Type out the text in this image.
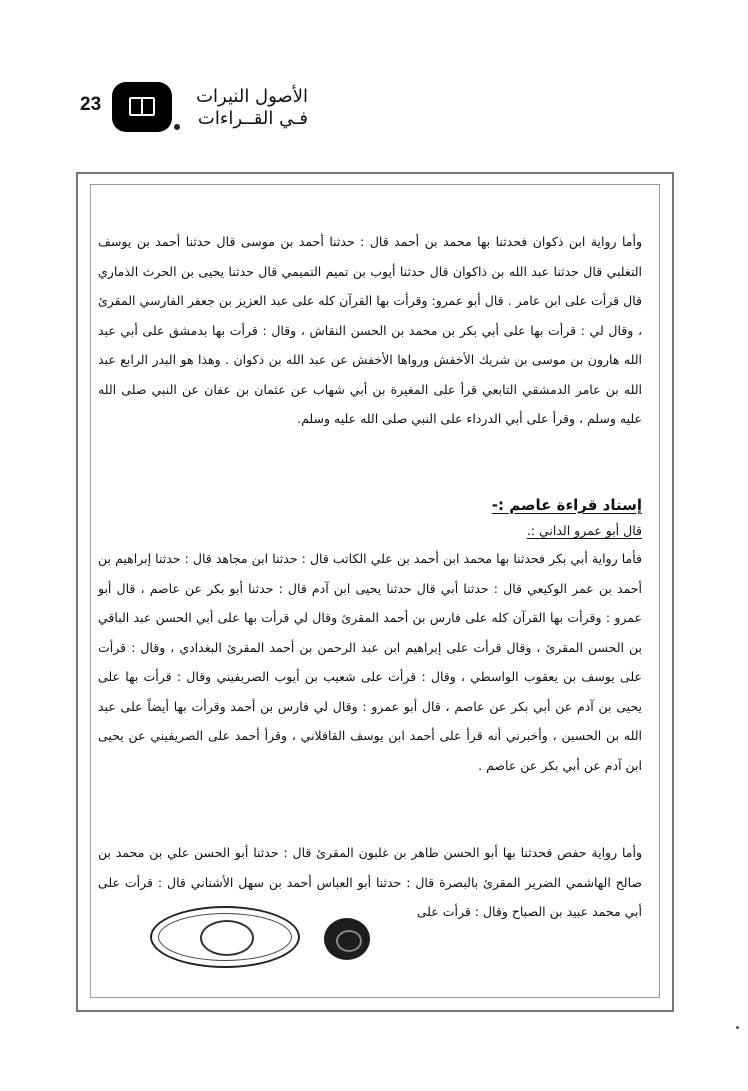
23	الأصول النيرات
فـي القــراءات

وأما رواية ابن ذكوان فحدثنا بها محمد بن أحمد قال : حدثنا أحمد بن موسى قال حدثنا أحمد بن يوسف التغلبي قال حدثنا عبد الله بن ذاكوان قال حدثنا أيوب بن تميم التميمي قال حدثنا يحيى بن الحرث الذماري قال قرأت على ابن عامر . قال أبو عمرو: وقرأت بها القرآن كله على عبد العزيز بن جعفر الفارسي المقرئ ، وقال لي : قرأت بها على أبي بكر بن محمد بن الحسن النقاش ، وقال : قرأت بها بدمشق على أبي عبد الله هارون بن موسى بن شريك الأخفش ورواها الأخفش عن عبد الله بن ذكوان . وهذا هو البدر الرابع عبد الله بن عامر الدمشقي التابعي قرأ على المغيرة بن أبي شهاب عن عثمان بن عفان عن النبي صلى الله عليه وسلم ، وقرأ على أبي الدرداء على النبي صلى الله عليه وسلم.

إسناد قراءة عاصم :-

قال أبو عمرو الداني :.

فأما رواية أبي بكر فحدثنا بها محمد ابن أحمد بن علي الكاتب قال : حدثنا ابن مجاهد قال : حدثنا إبراهيم بن أحمد بن عمر الوكيعي قال : حدثنا أبي قال حدثنا يحيى ابن آدم قال : حدثنا أبو بكر عن عاصم ، قال أبو عمرو : وقرأت بها القرآن كله على فارس بن أحمد المقرئ وقال لي قرأت بها على أبي الحسن عبد الباقي بن الحسن المقرئ ، وقال قرأت على إبراهيم ابن عبد الرحمن بن أحمد المقرئ البغدادي ، وقال : قرأت على يوسف بن يعقوب الواسطي ، وقال : قرأت على شعيب بن أيوب الصريفيني وقال : قرأت بها على يحيى بن آدم عن أبي بكر عن عاصم ، قال أبو عمرو : وقال لي فارس بن أحمد وقرأت بها أيضاً على عبد الله بن الحسين ، وأخبرني أنه قرأ على أحمد ابن يوسف القافلاني ، وقرأ أحمد على الصريفيني عن يحيى ابن آدم عن أبي بكر عن عاصم .

وأما رواية حفص فحدثنا بها أبو الحسن طاهر بن غلبون المقرئ قال : حدثنا أبو الحسن علي بن محمد بن صالح الهاشمي الضرير المقرئ بالبصرة قال : حدثنا أبو العباس أحمد بن سهل الأشناني قال : قرأت على أبي محمد عبيد بن الصباح وقال : قرأت على
